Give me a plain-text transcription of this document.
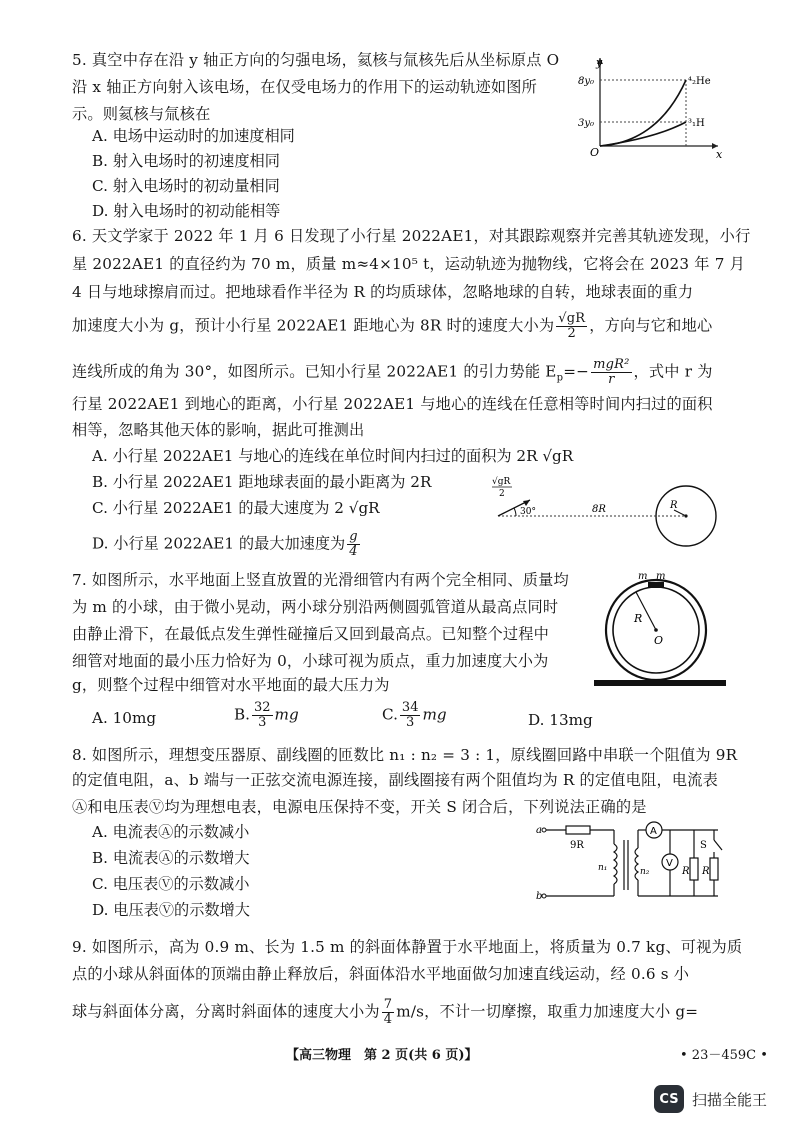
5. 真空中存在沿 y 轴正方向的匀强电场，氦核与氚核先后从坐标原点 O
沿 x 轴正方向射入该电场，在仅受电场力的作用下的运动轨迹如图所
示。则氦核与氚核在
A. 电场中运动时的加速度相同
B. 射入电场时的初速度相同
C. 射入电场时的初动量相同
D. 射入电场时的初动能相等
y
x
O
8y₀
3y₀
⁴₂He
³₁H
6. 天文学家于 2022 年 1 月 6 日发现了小行星 2022AE1，对其跟踪观察并完善其轨迹发现，小行
星 2022AE1 的直径约为 70 m，质量 m≈4×10⁵ t，运动轨迹为抛物线，它将会在 2023 年 7 月
4 日与地球擦肩而过。把地球看作半径为 R 的均质球体，忽略地球的自转，地球表面的重力
加速度大小为 g，预计小行星 2022AE1 距地心为 8R 时的速度大小为 $\frac{√gR}{2}$ ，方向与它和地心
连线所成的角为 30°，如图所示。已知小行星 2022AE1 的引力势能 $E_p=- \frac{\text{mgR²}}{r}$ ，式中 r 为
行星 2022AE1 到地心的距离，小行星 2022AE1 与地心的连线在任意相等时间内扫过的面积
相等，忽略其他天体的影响，据此可推测出
A. 小行星 2022AE1 与地心的连线在单位时间内扫过的面积为 2R √gR
B. 小行星 2022AE1 距地球表面的最小距离为 2R
C. 小行星 2022AE1 的最大速度为 2 √gR
D. 小行星 2022AE1 的最大加速度为 $\frac{g}{4}$
√gR
2
30°	8R	R
7. 如图所示，水平地面上竖直放置的光滑细管内有两个完全相同、质量均
为 m 的小球，由于微小晃动，两小球分别沿两侧圆弧管道从最高点同时
由静止滑下，在最低点发生弹性碰撞后又回到最高点。已知整个过程中
细管对地面的最小压力恰好为 0，小球可视为质点，重力加速度大小为
g，则整个过程中细管对水平地面的最大压力为
A. 10mg	B. $\frac{32}{3}$ mg	C. $\frac{34}{3}$ mg	D. 13mg
m m
R
O
8. 如图所示，理想变压器原、副线圈的匝数比 n₁ : n₂ = 3 : 1，原线圈回路中串联一个阻值为 9R
的定值电阻，a、b 端与一正弦交流电源连接，副线圈接有两个阻值均为 R 的定值电阻，电流表
Ⓐ和电压表Ⓥ均为理想电表，电源电压保持不变，开关 S 闭合后，下列说法正确的是
A. 电流表Ⓐ的示数减小
B. 电流表Ⓐ的示数增大
C. 电压表Ⓥ的示数减小
D. 电压表Ⓥ的示数增大
a
b
9R
n₁	n₂
A
V
S
R R
9. 如图所示，高为 0.9 m、长为 1.5 m 的斜面体静置于水平地面上，将质量为 0.7 kg、可视为质
点的小球从斜面体的顶端由静止释放后，斜面体沿水平地面做匀加速直线运动，经 0.6 s 小
球与斜面体分离，分离时斜面体的速度大小为 $\frac{7}{4} m/s$，不计一切摩擦，取重力加速度大小 g=
【高三物理　第 2 页(共 6 页)】	• 23－459C •
CS 扫描全能王
